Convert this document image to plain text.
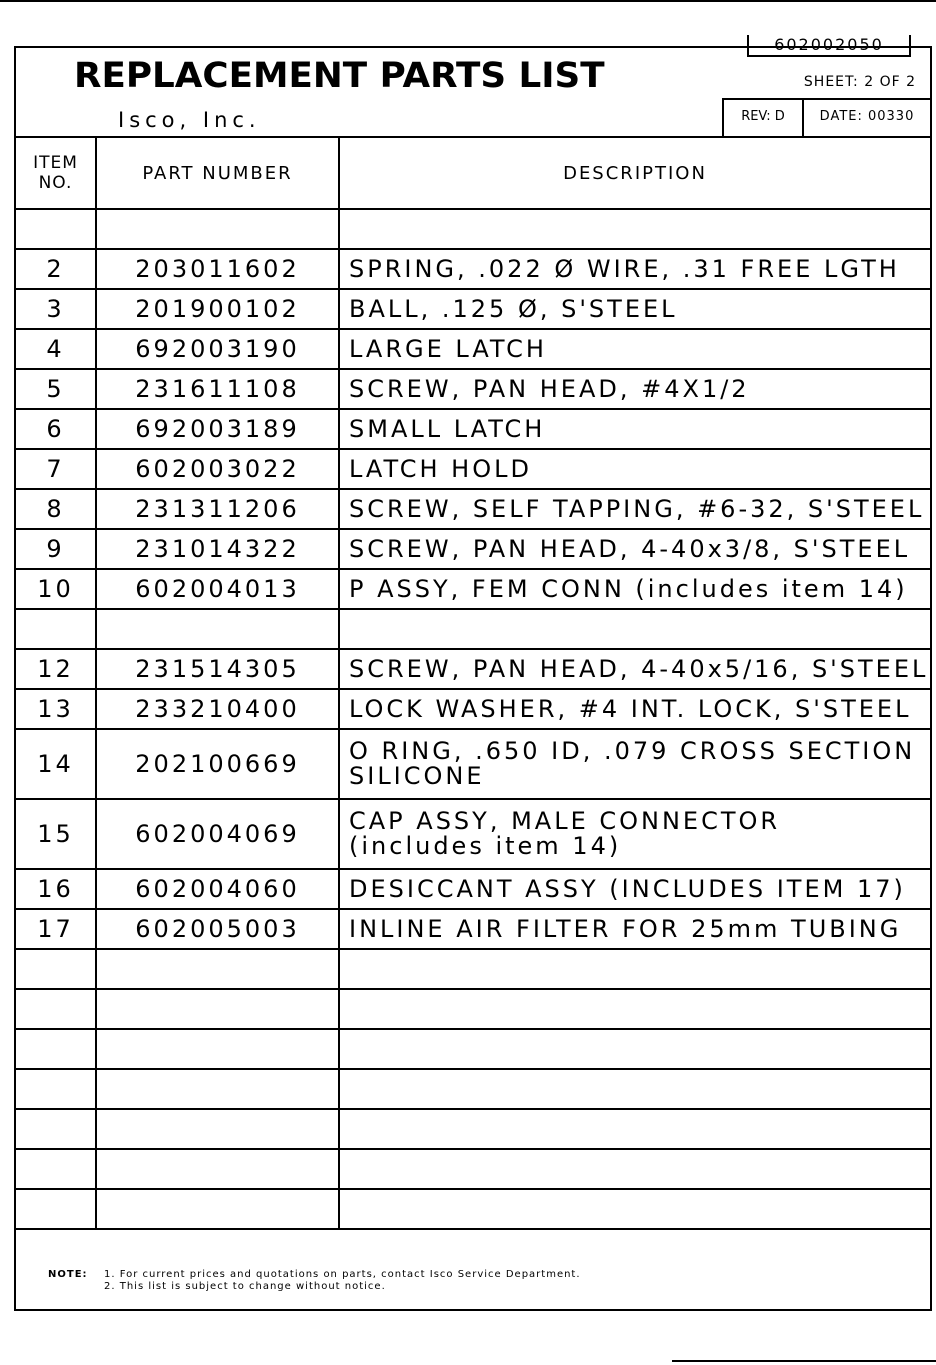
602002050
REPLACEMENT PARTS LIST
Isco, Inc.
SHEET: 2 OF 2
REV: D	DATE: 00330
ITEM
NO.	PART NUMBER	DESCRIPTION

2	203011602	SPRING, .022 Ø WIRE, .31 FREE LGTH
3	201900102	BALL, .125 Ø, S'STEEL
4	692003190	LARGE LATCH
5	231611108	SCREW, PAN HEAD, #4X1/2
6	692003189	SMALL LATCH
7	602003022	LATCH HOLD
8	231311206	SCREW, SELF TAPPING, #6-32, S'STEEL
9	231014322	SCREW, PAN HEAD, 4-40x3/8, S'STEEL
10	602004013	P ASSY, FEM CONN (includes item 14)

12	231514305	SCREW, PAN HEAD, 4-40x5/16, S'STEEL
13	233210400	LOCK WASHER, #4 INT. LOCK, S'STEEL
14	202100669	O RING, .650 ID, .079 CROSS SECTION
SILICONE

15	602004069	CAP ASSY, MALE CONNECTOR
(includes item 14)

16	602004060	DESICCANT ASSY (INCLUDES ITEM 17)
17	602005003	INLINE AIR FILTER FOR 25mm TUBING

NOTE: 1. For current prices and quotations on parts, contact Isco Service Department.
2. This list is subject to change without notice.
